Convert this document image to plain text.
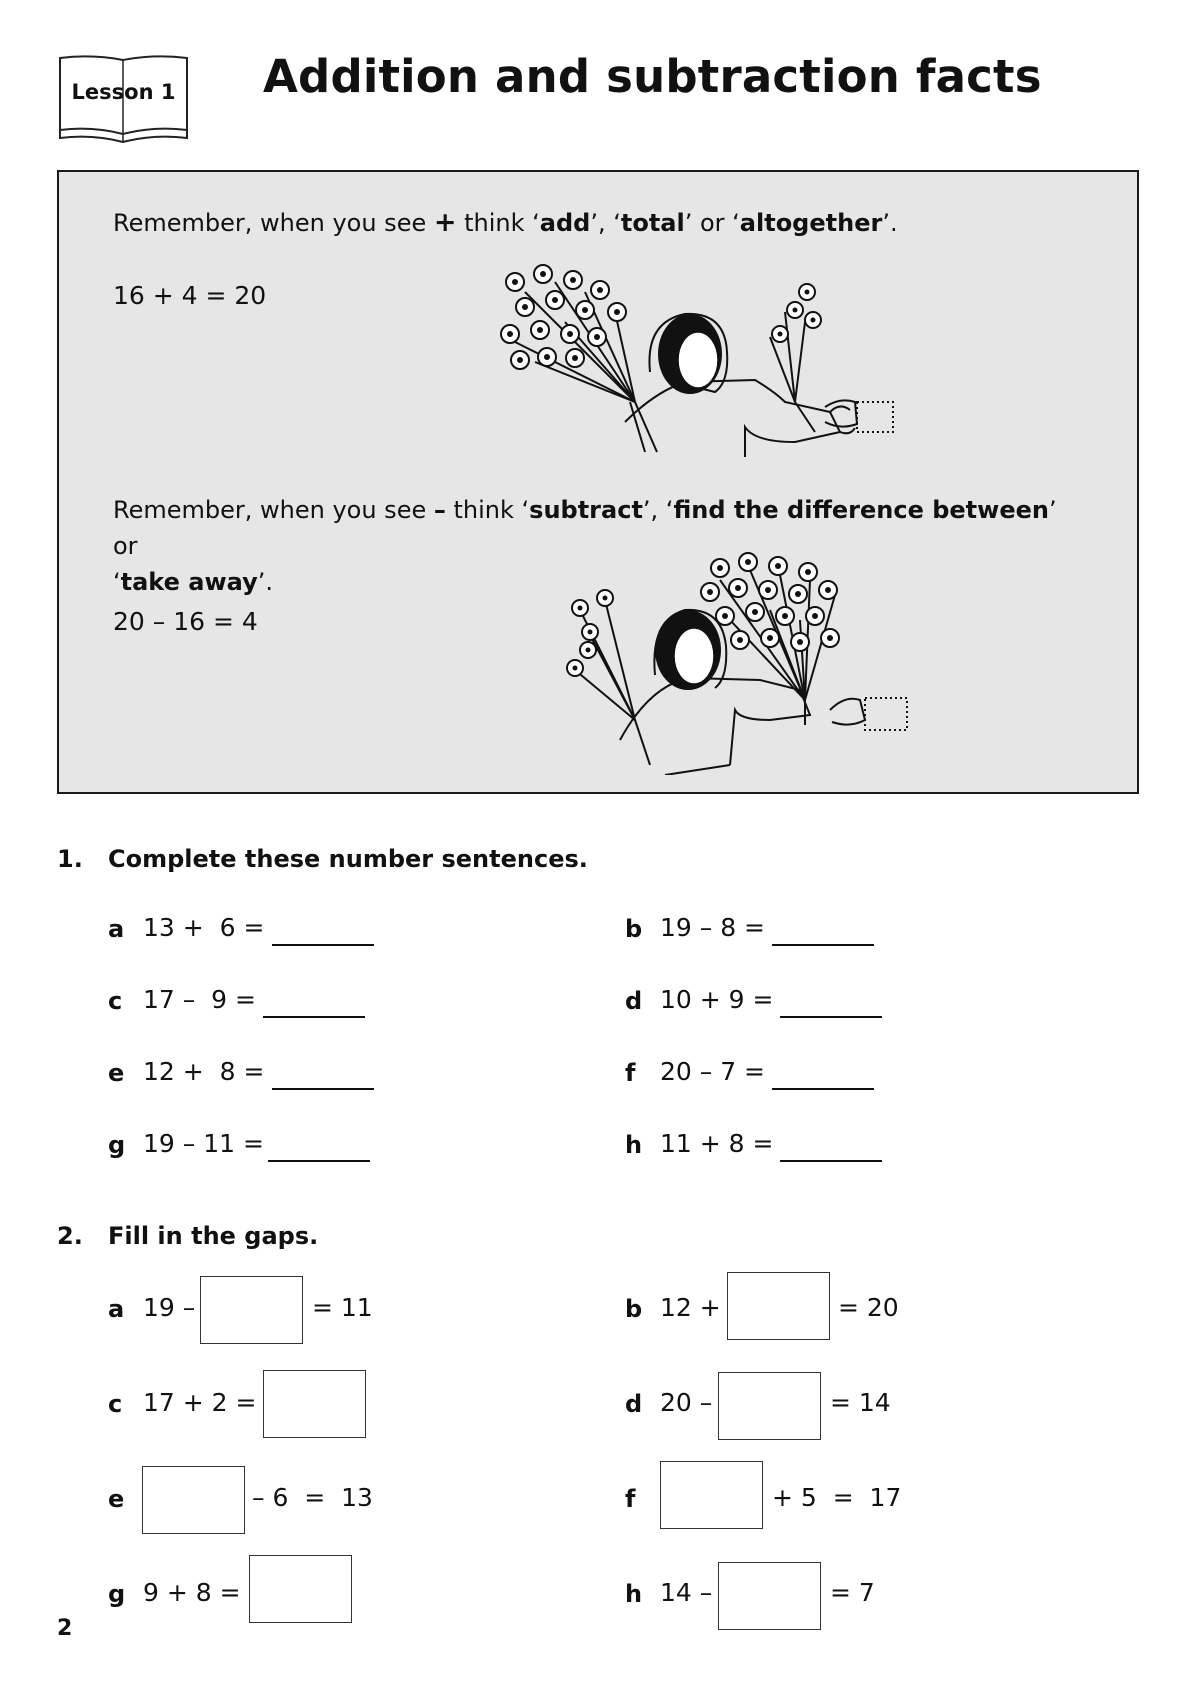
Lesson 1	Addition and subtraction facts
Remember, when you see + think ‘add’, ‘total’ or ‘altogether’.
16 + 4 = 20
Remember, when you see – think ‘subtract’, ‘find the difference between’ or
‘take away’.
20 – 16 = 4
1. Complete these number sentences.
a 13 +  6 =	b 19 – 8 =
c 17 –  9 =	d 10 + 9 =
e 12 +  8 =	f 20 – 7 =
g 19 – 11 =	h 11 + 8 =
2. Fill in the gaps.
a 19 –	= 11	b 12 +	= 20
c 17 + 2 =	d 20 –	= 14
e	– 6  =  13	f	+ 5  =  17
g 9 + 8 =	h 14 –	= 7
2
